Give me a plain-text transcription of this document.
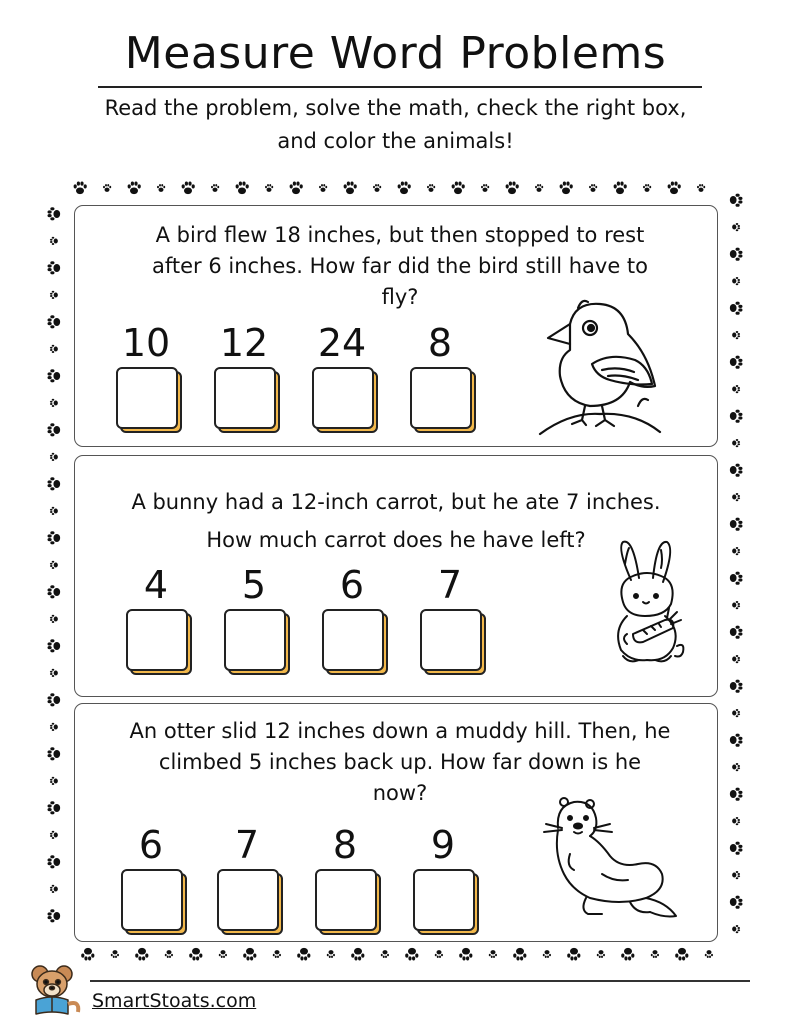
Measure Word Problems
Read the problem, solve the math, check the right box,
and color the animals!
A bird flew 18 inches, but then stopped to rest
after 6 inches. How far did the bird still have to
fly?
10	12	24	8
A bunny had a 12-inch carrot, but he ate 7 inches.
How much carrot does he have left?
4	5	6	7
An otter slid 12 inches down a muddy hill. Then, he
climbed 5 inches back up. How far down is he
now?
6	7	8	9
SmartStoats.com
